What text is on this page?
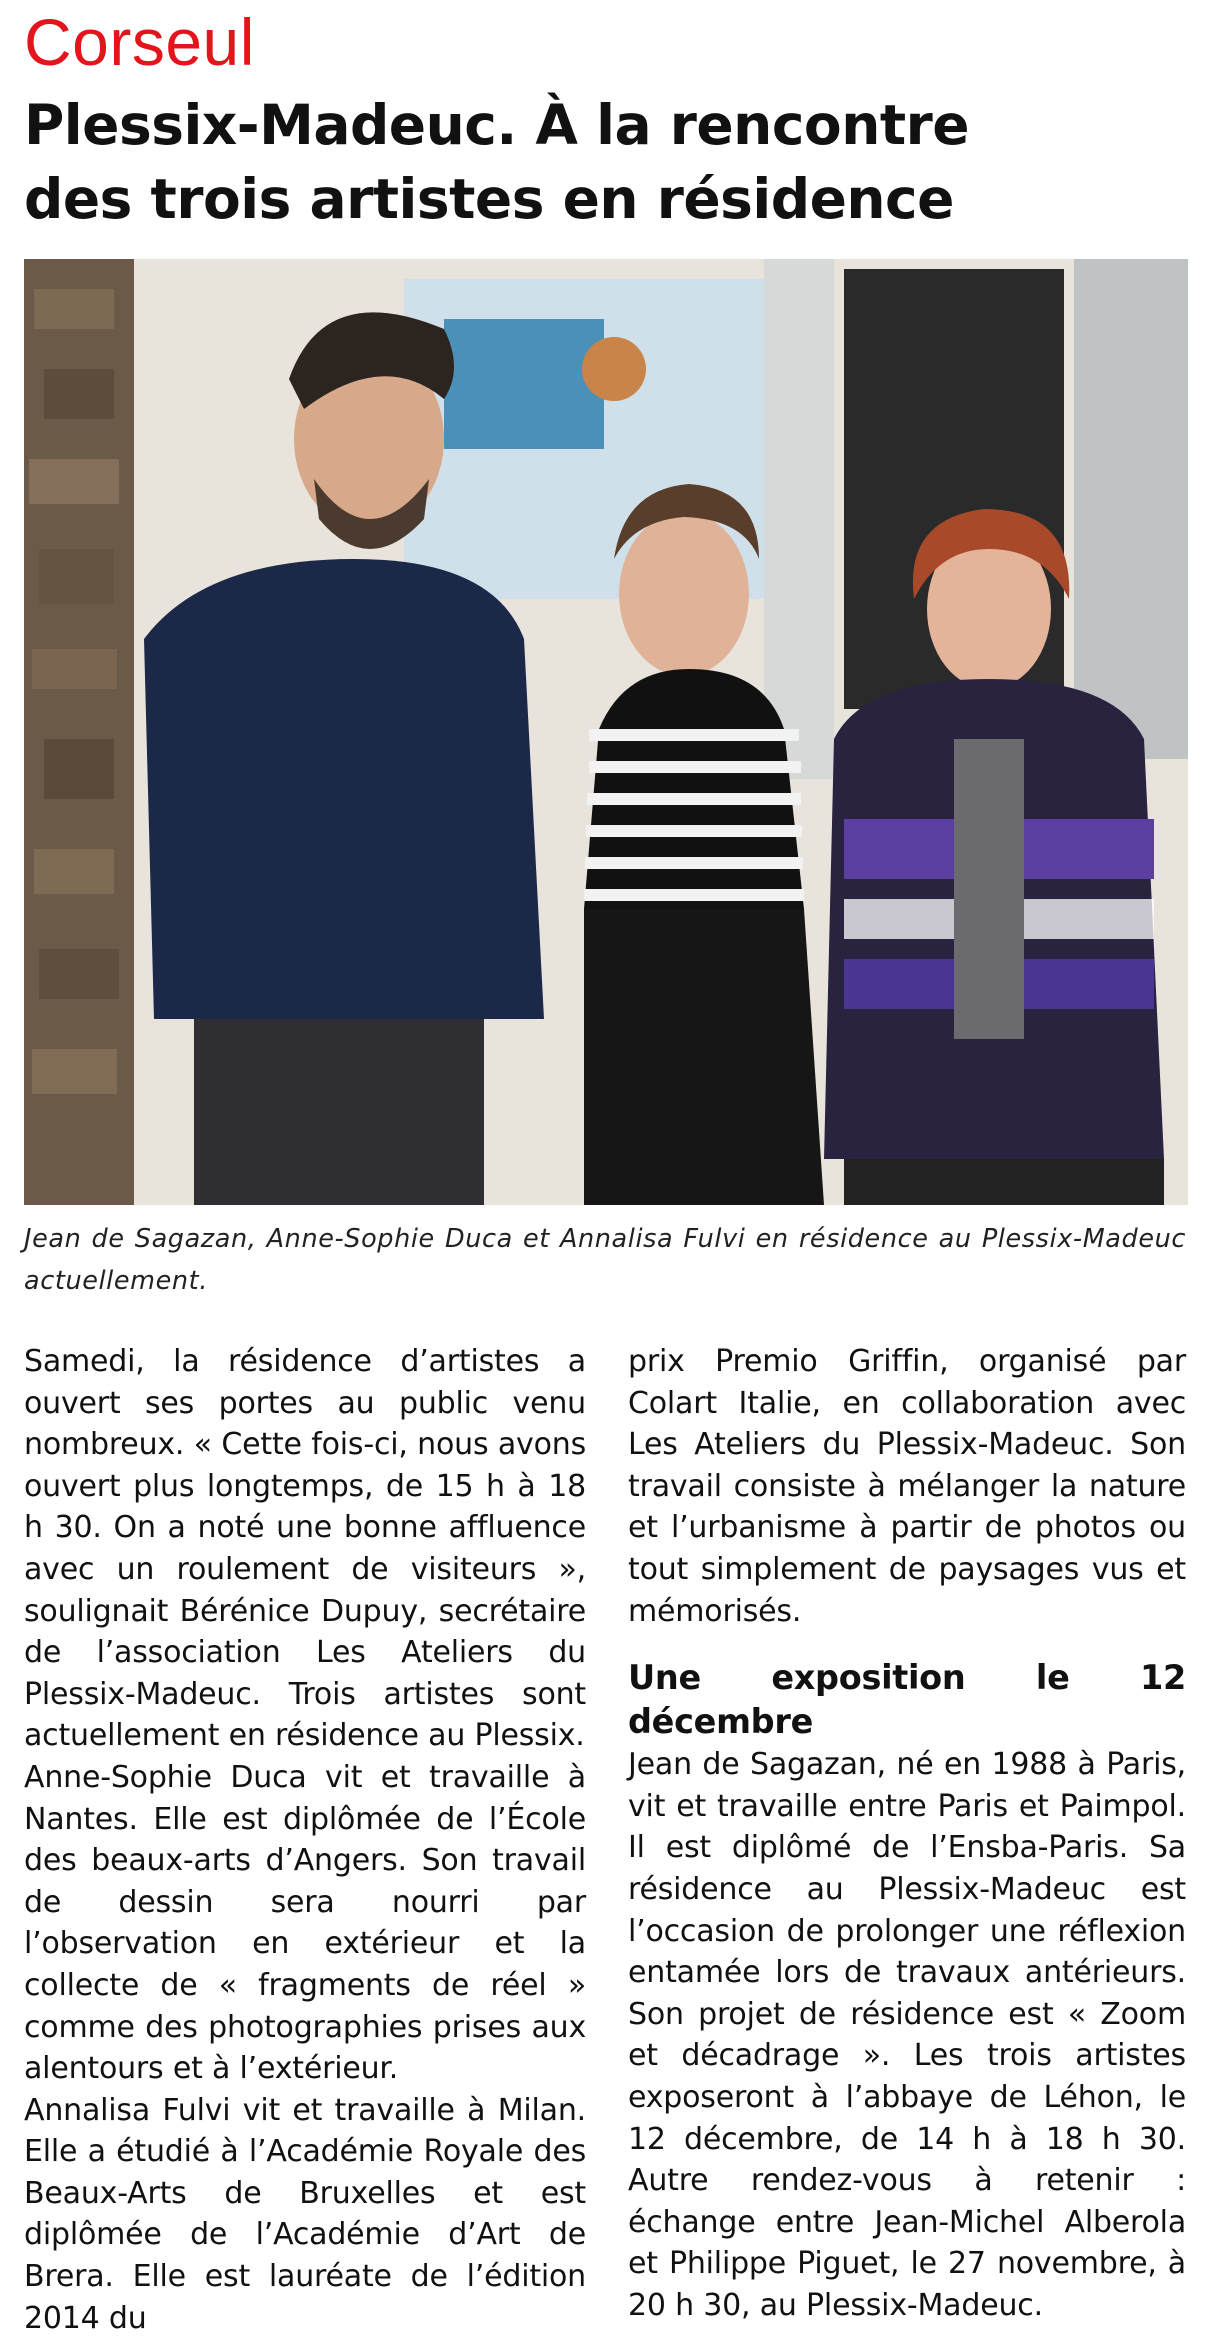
Corseul
Plessix-Madeuc. À la rencontre
des trois artistes en résidence
Jean de Sagazan, Anne-Sophie Duca et Annalisa Fulvi en résidence au Plessix-Madeuc actuellement.

Samedi, la résidence d’artistes a ouvert ses portes au public venu nombreux. « Cette fois-ci, nous avons ouvert plus longtemps, de 15 h à 18 h 30. On a noté une bonne affluence avec un roulement de visiteurs », soulignait Bérénice Dupuy, secrétaire de l’association Les Ateliers du Plessix-Madeuc. Trois artistes sont actuellement en résidence au Plessix.

Anne-Sophie Duca vit et travaille à Nantes. Elle est diplômée de l’École des beaux-arts d’Angers. Son travail de dessin sera nourri par l’observation en extérieur et la collecte de « fragments de réel » comme des photographies prises aux alentours et à l’extérieur.

Annalisa Fulvi vit et travaille à Milan. Elle a étudié à l’Académie Royale des Beaux-Arts de Bruxelles et est diplômée de l’Académie d’Art de Brera. Elle est lauréate de l’édition 2014 du

prix Premio Griffin, organisé par Colart Italie, en collaboration avec Les Ateliers du Plessix-Madeuc. Son travail consiste à mélanger la nature et l’urbanisme à partir de photos ou tout simplement de paysages vus et mémorisés.

Une exposition le 12 décembre

Jean de Sagazan, né en 1988 à Paris, vit et travaille entre Paris et Paimpol. Il est diplômé de l’Ensba-Paris. Sa résidence au Plessix-Madeuc est l’occasion de prolonger une réflexion entamée lors de travaux antérieurs. Son projet de résidence est « Zoom et décadrage ». Les trois artistes exposeront à l’abbaye de Léhon, le 12 décembre, de 14 h à 18 h 30. Autre rendez-vous à retenir : échange entre Jean-Michel Alberola et Philippe Piguet, le 27 novembre, à 20 h 30, au Plessix-Madeuc.
